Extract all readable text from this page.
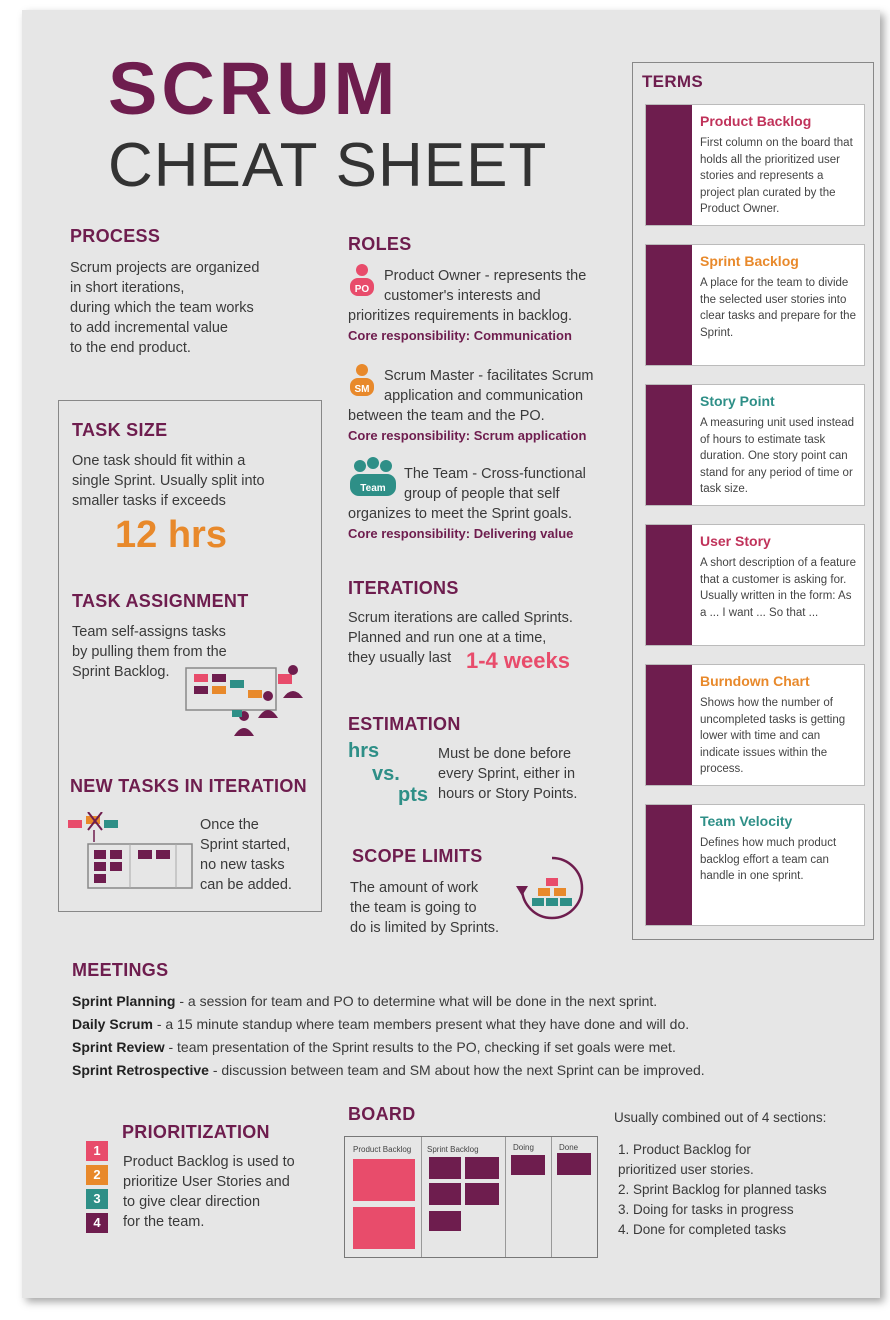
SCRUM
CHEAT SHEET
PROCESS
Scrum projects are organized
in short iterations,
during which the team works
to add incremental value
to the end product.
TASK SIZE
One task should fit within a
single Sprint. Usually split into
smaller tasks if exceeds
12 hrs
TASK ASSIGNMENT
Team self-assigns tasks
by pulling them from the
Sprint Backlog.
NEW TASKS IN ITERATION
Once the
Sprint started,
no new tasks
can be added.
ROLES
PO
Product Owner - represents the
customer's interests and
prioritizes requirements in backlog.
Core responsibility: Communication
SM
Scrum Master - facilitates Scrum
application and communication
between the team and the PO.
Core responsibility: Scrum application
Team
The Team - Cross-functional
group of people that self
organizes to meet the Sprint goals.
Core responsibility: Delivering value
ITERATIONS
Scrum iterations are called Sprints.
Planned and run one at a time,
they usually last 1-4 weeks
ESTIMATION
hrs
vs.
pts
Must be done before
every Sprint, either in
hours or Story Points.
SCOPE LIMITS
The amount of work
the team is going to
do is limited by Sprints.
TERMS
Product Backlog
First column on the board that holds all the prioritized user stories and represents a project plan curated by the Product Owner.
Sprint Backlog
A place for the team to divide the selected user stories into clear tasks and prepare for the Sprint.
Story Point
A measuring unit used instead of hours to estimate task duration. One story point can stand for any period of time or task size.
User Story
A short description of a feature that a customer is asking for. Usually written in the form: As a ... I want ... So that ...
Burndown Chart
Shows how the number of uncompleted tasks is getting lower with time and can indicate issues within the process.
Team Velocity
Defines how much product backlog effort a team can handle in one sprint.
MEETINGS
Sprint Planning - a session for team and PO to determine what will be done in the next sprint.
Daily Scrum - a 15 minute standup where team members present what they have done and will do.
Sprint Review - team presentation of the Sprint results to the PO, checking if set goals were met.
Sprint Retrospective - discussion between team and SM about how the next Sprint can be improved.
PRIORITIZATION
1
2
3
4
Product Backlog is used to
prioritize User Stories and
to give clear direction
for the team.
BOARD
Product Backlog Sprint Backlog	Doing	Done
Usually combined out of 4 sections:
1. Product Backlog for
prioritized user stories.
2. Sprint Backlog for planned tasks
3. Doing for tasks in progress
4. Done for completed tasks
